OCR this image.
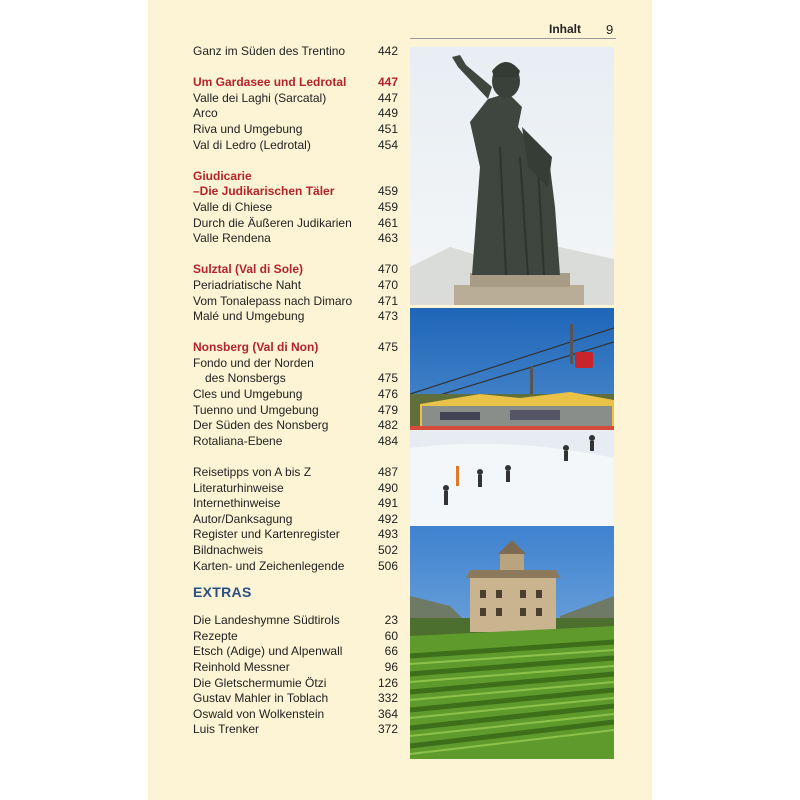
Inhalt 9
Ganz im Süden des Trentino	442
Um Gardasee und Ledrotal	447
Valle dei Laghi (Sarcatal)	447
Arco	449
Riva und Umgebung	451
Val di Ledro (Ledrotal)	454
Giudicarie
–Die Judikarischen Täler	459
Valle di Chiese	459
Durch die Äußeren Judikarien 461
Valle Rendena	463
Sulztal (Val di Sole)	470
Periadriatische Naht	470
Vom Tonalepass nach Dimaro 471
Malé und Umgebung	473
Nonsberg (Val di Non)	475
Fondo und der Norden
des Nonsbergs	475
Cles und Umgebung	476
Tuenno und Umgebung	479
Der Süden des Nonsberg	482
Rotaliana-Ebene	484
Reisetipps von A bis Z	487
Literaturhinweise	490
Internethinweise	491
Autor/Danksagung	492
Register und Kartenregister	493
Bildnachweis	502
Karten- und Zeichenlegende	506
EXTRAS
Die Landeshymne Südtirols	23
Rezepte	60
Etsch (Adige) und Alpenwall	66
Reinhold Messner	96
Die Gletschermumie Ötzi	126
Gustav Mahler in Toblach	332
Oswald von Wolkenstein	364
Luis Trenker	372
